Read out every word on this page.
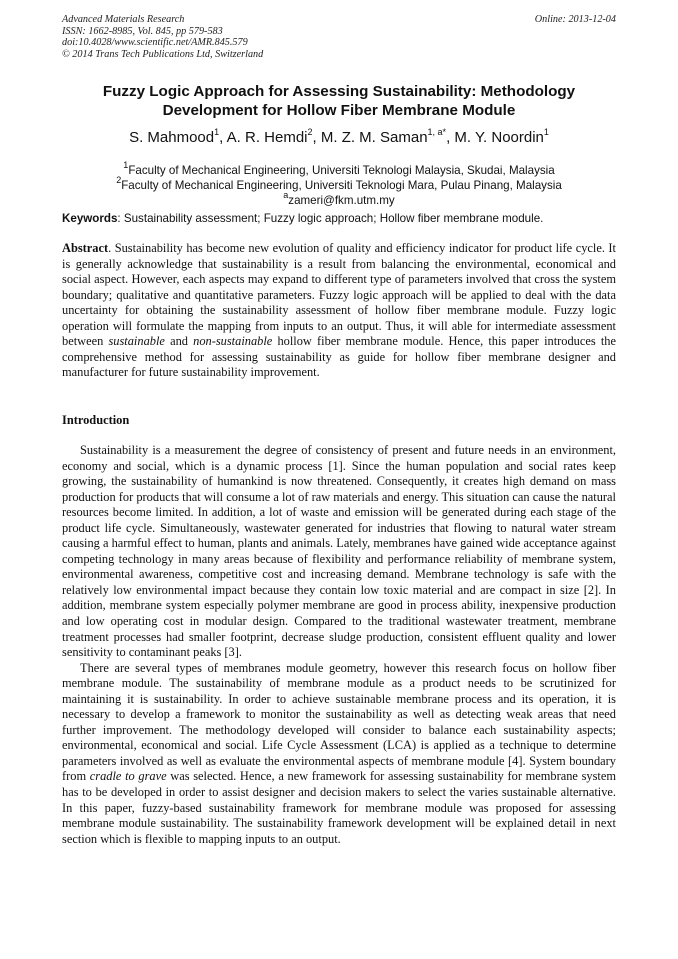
Advanced Materials Research
ISSN: 1662-8985, Vol. 845, pp 579-583
doi:10.4028/www.scientific.net/AMR.845.579
© 2014 Trans Tech Publications Ltd, Switzerland
Online: 2013-12-04
Fuzzy Logic Approach for Assessing Sustainability: Methodology Development for Hollow Fiber Membrane Module
S. Mahmood$^1$, A. R. Hemdi$^2$, M. Z. M. Saman$^{1, a*}$, M. Y. Noordin$^1$
$^1$Faculty of Mechanical Engineering, Universiti Teknologi Malaysia, Skudai, Malaysia
$^2$Faculty of Mechanical Engineering, Universiti Teknologi Mara, Pulau Pinang, Malaysia
$^a$zameri@fkm.utm.my
Keywords: Sustainability assessment; Fuzzy logic approach; Hollow fiber membrane module.
Abstract. Sustainability has become new evolution of quality and efficiency indicator for product life cycle. It is generally acknowledge that sustainability is a result from balancing the environmental, economical and social aspect. However, each aspects may expand to different type of parameters involved that cross the system boundary; qualitative and quantitative parameters. Fuzzy logic approach will be applied to deal with the data uncertainty for obtaining the sustainability assessment of hollow fiber membrane module. Fuzzy logic operation will formulate the mapping from inputs to an output. Thus, it will able for intermediate assessment between sustainable and non-sustainable hollow fiber membrane module. Hence, this paper introduces the comprehensive method for assessing sustainability as guide for hollow fiber membrane designer and manufacturer for future sustainability improvement.
Introduction

Sustainability is a measurement the degree of consistency of present and future needs in an environment, economy and social, which is a dynamic process [1]. Since the human population and social rates keep growing, the sustainability of humankind is now threatened. Consequently, it creates high demand on mass production for products that will consume a lot of raw materials and energy. This situation can cause the natural resources become limited. In addition, a lot of waste and emission will be generated during each stage of the product life cycle. Simultaneously, wastewater generated for industries that flowing to natural water stream causing a harmful effect to human, plants and animals. Lately, membranes have gained wide acceptance against competing technology in many areas because of flexibility and performance reliability of membrane system, environmental awareness, competitive cost and increasing demand. Membrane technology is safe with the relatively low environmental impact because they contain low toxic material and are compact in size [2]. In addition, membrane system especially polymer membrane are good in process ability, inexpensive production and low operating cost in modular design. Compared to the traditional wastewater treatment, membrane treatment processes had smaller footprint, decrease sludge production, consistent effluent quality and lower sensitivity to contaminant peaks [3].

There are several types of membranes module geometry, however this research focus on hollow fiber membrane module. The sustainability of membrane module as a product needs to be scrutinized for maintaining it is sustainability. In order to achieve sustainable membrane process and its operation, it is necessary to develop a framework to monitor the sustainability as well as detecting weak areas that need further improvement. The methodology developed will consider to balance each sustainability aspects; environmental, economical and social. Life Cycle Assessment (LCA) is applied as a technique to determine parameters involved as well as evaluate the environmental aspects of membrane module [4]. System boundary from cradle to grave was selected. Hence, a new framework for assessing sustainability for membrane system has to be developed in order to assist designer and decision makers to select the varies sustainable alternative. In this paper, fuzzy-based sustainability framework for membrane module was proposed for assessing membrane module sustainability. The sustainability framework development will be explained detail in next section which is flexible to mapping inputs to an output.
